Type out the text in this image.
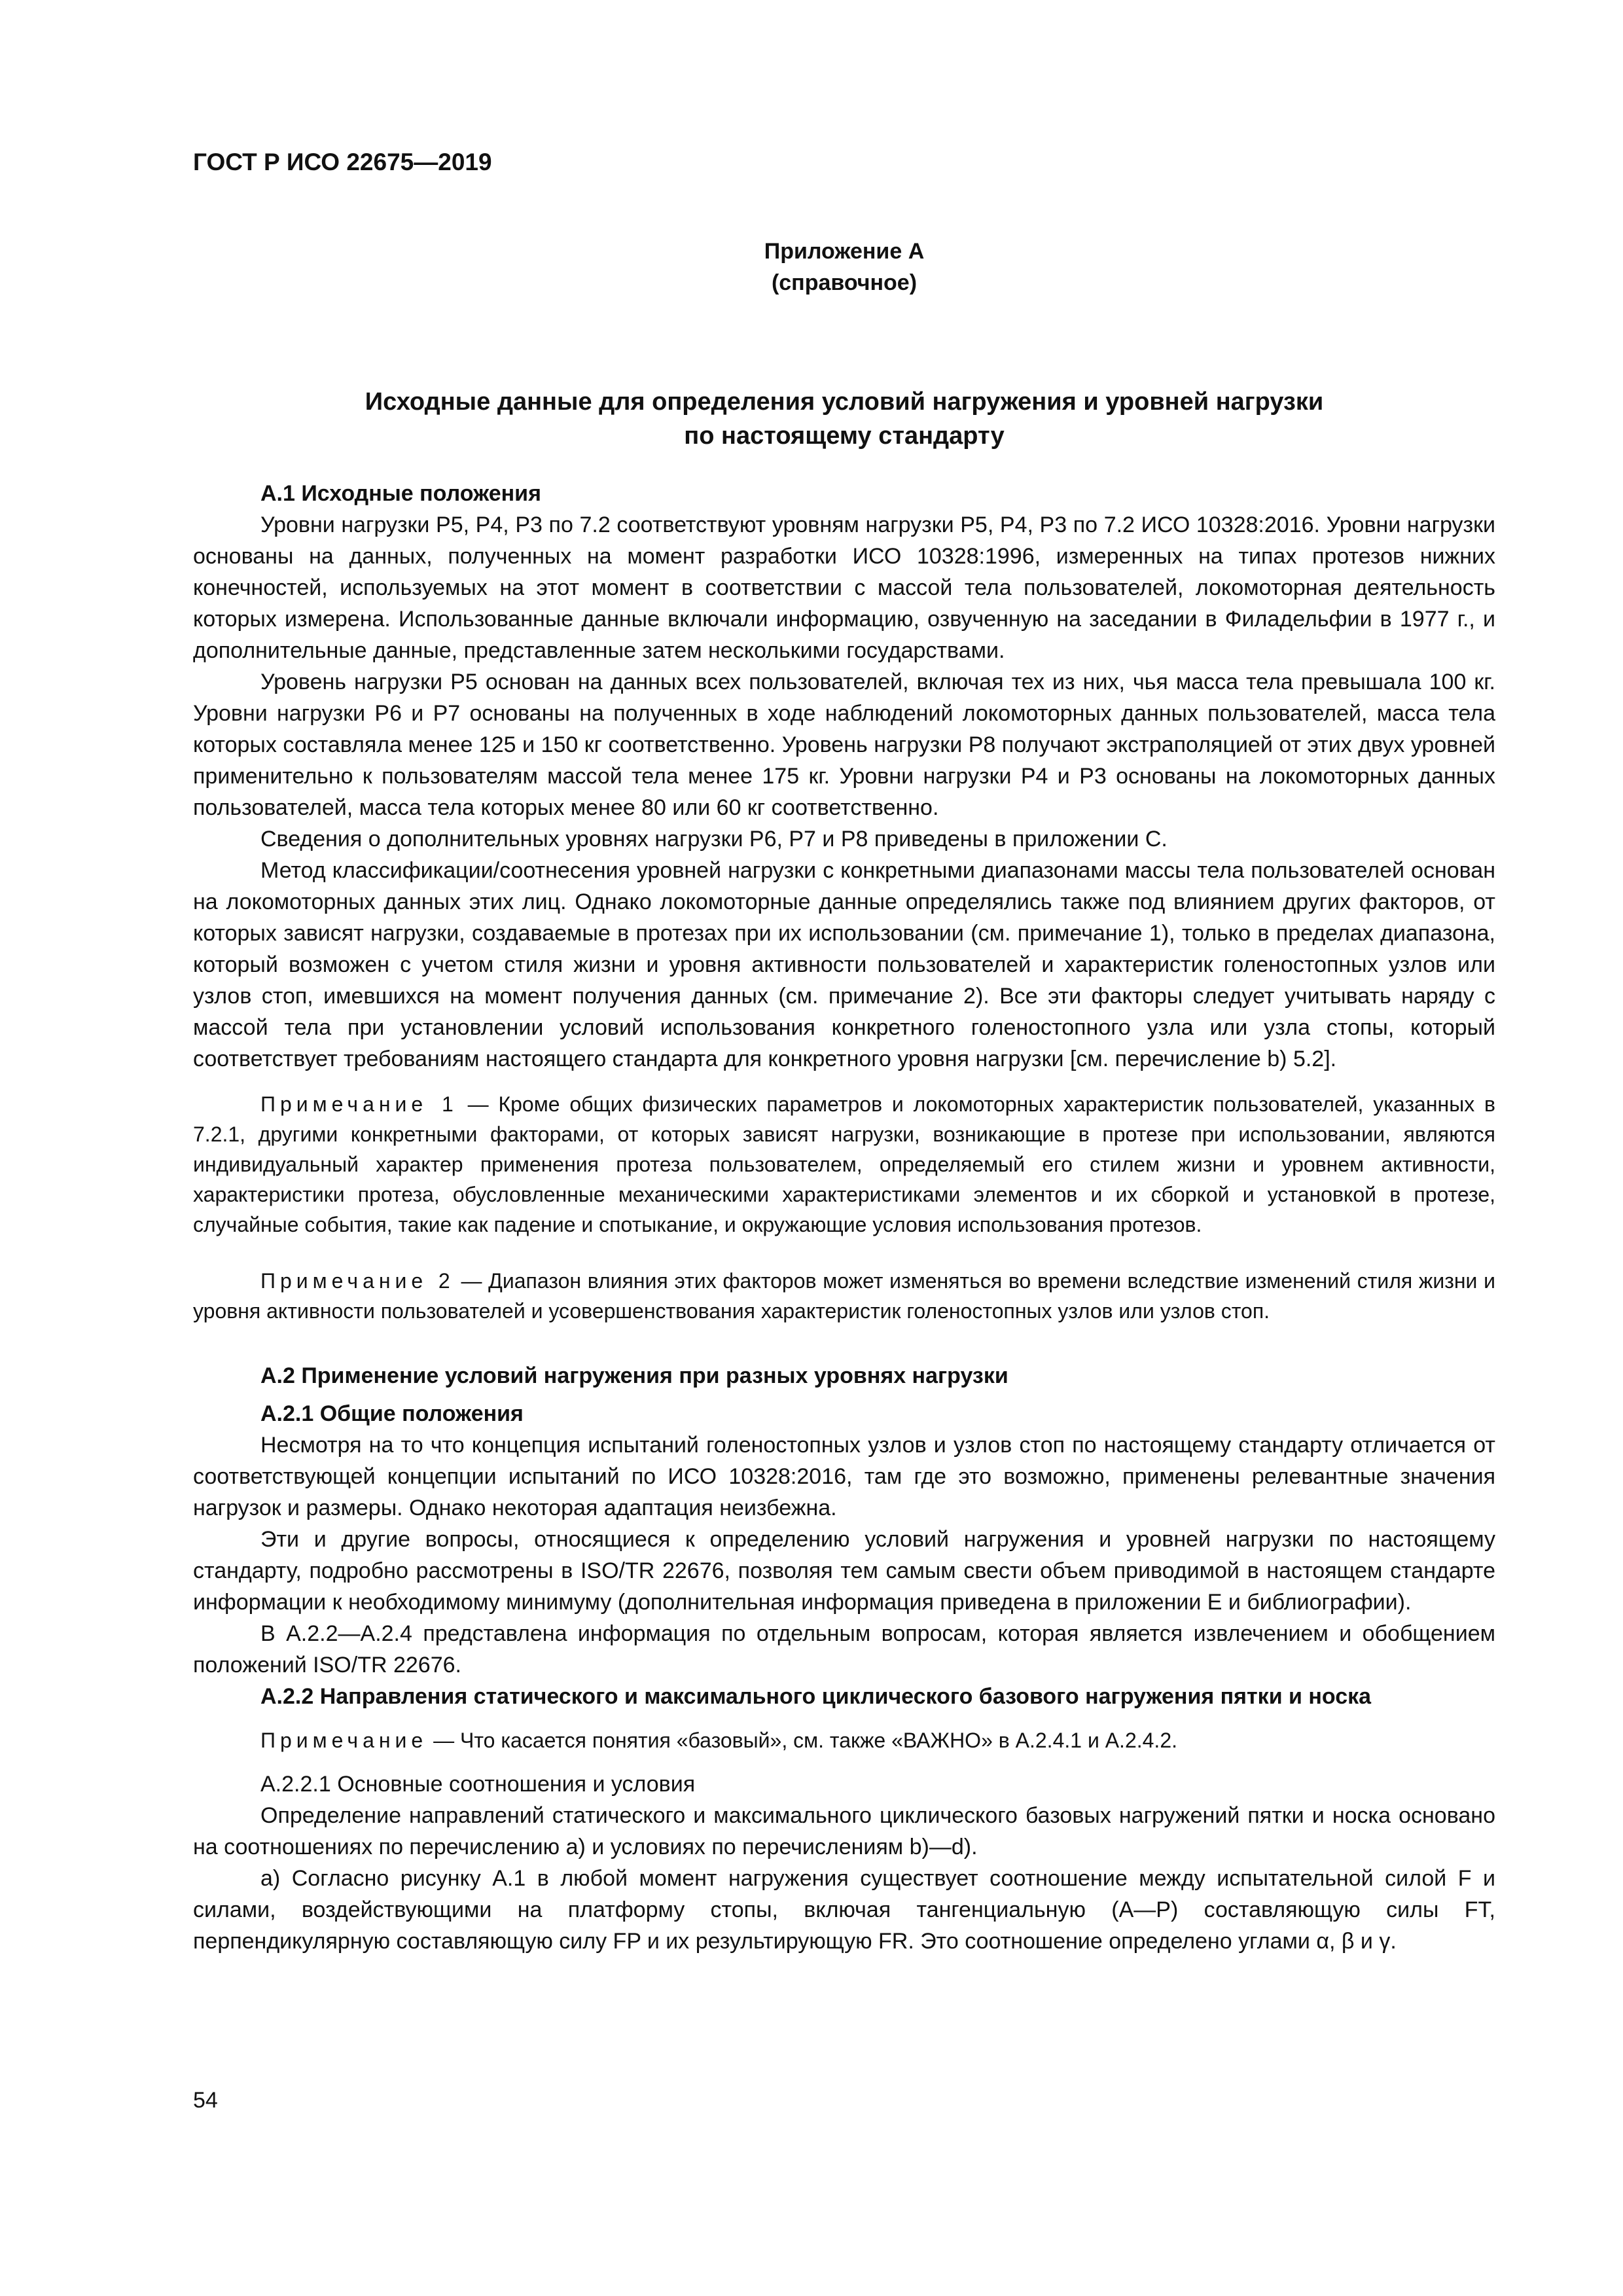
ГОСТ Р ИСО 22675—2019
Приложение А
(справочное)
Исходные данные для определения условий нагружения и уровней нагрузки
по настоящему стандарту
А.1 Исходные положения

Уровни нагрузки P5, P4, P3 по 7.2 соответствуют уровням нагрузки P5, P4, P3 по 7.2 ИСО 10328:2016. Уровни нагрузки основаны на данных, полученных на момент разработки ИСО 10328:1996, измеренных на типах протезов нижних конечностей, используемых на этот момент в соответствии с массой тела пользователей, локомоторная деятельность которых измерена. Использованные данные включали информацию, озвученную на заседании в Филадельфии в 1977 г., и дополнительные данные, представленные затем несколькими государствами.

Уровень нагрузки P5 основан на данных всех пользователей, включая тех из них, чья масса тела превышала 100 кг. Уровни нагрузки P6 и P7 основаны на полученных в ходе наблюдений локомоторных данных пользователей, масса тела которых составляла менее 125 и 150 кг соответственно. Уровень нагрузки P8 получают экстраполяцией от этих двух уровней применительно к пользователям массой тела менее 175 кг. Уровни нагрузки P4 и P3 основаны на локомоторных данных пользователей, масса тела которых менее 80 или 60 кг соответственно.

Сведения о дополнительных уровнях нагрузки P6, P7 и P8 приведены в приложении С.

Метод классификации/соотнесения уровней нагрузки с конкретными диапазонами массы тела пользователей основан на локомоторных данных этих лиц. Однако локомоторные данные определялись также под влиянием других факторов, от которых зависят нагрузки, создаваемые в протезах при их использовании (см. примечание 1), только в пределах диапазона, который возможен с учетом стиля жизни и уровня активности пользователей и характеристик голеностопных узлов или узлов стоп, имевшихся на момент получения данных (см. примечание 2). Все эти факторы следует учитывать наряду с массой тела при установлении условий использования конкретного голеностопного узла или узла стопы, который соответствует требованиям настоящего стандарта для конкретного уровня нагрузки [см. перечисление b) 5.2].

Примечание 1 — Кроме общих физических параметров и локомоторных характеристик пользователей, указанных в 7.2.1, другими конкретными факторами, от которых зависят нагрузки, возникающие в протезе при использовании, являются индивидуальный характер применения протеза пользователем, определяемый его стилем жизни и уровнем активности, характеристики протеза, обусловленные механическими характеристиками элементов и их сборкой и установкой в протезе, случайные события, такие как падение и спотыкание, и окружающие условия использования протезов.

Примечание 2 — Диапазон влияния этих факторов может изменяться во времени вследствие изменений стиля жизни и уровня активности пользователей и усовершенствования характеристик голеностопных узлов или узлов стоп.

А.2 Применение условий нагружения при разных уровнях нагрузки
А.2.1 Общие положения

Несмотря на то что концепция испытаний голеностопных узлов и узлов стоп по настоящему стандарту отличается от соответствующей концепции испытаний по ИСО 10328:2016, там где это возможно, применены релевантные значения нагрузок и размеры. Однако некоторая адаптация неизбежна.

Эти и другие вопросы, относящиеся к определению условий нагружения и уровней нагрузки по настоящему стандарту, подробно рассмотрены в ISO/TR 22676, позволяя тем самым свести объем приводимой в настоящем стандарте информации к необходимому минимуму (дополнительная информация приведена в приложении Е и библиографии).

В А.2.2—А.2.4 представлена информация по отдельным вопросам, которая является извлечением и обобщением положений ISO/TR 22676.

А.2.2 Направления статического и максимального циклического базового нагружения пятки и носка

Примечание — Что касается понятия «базовый», см. также «ВАЖНО» в А.2.4.1 и А.2.4.2.

А.2.2.1 Основные соотношения и условия

Определение направлений статического и максимального циклического базовых нагружений пятки и носка основано на соотношениях по перечислению а) и условиях по перечислениям b)—d).

а) Согласно рисунку А.1 в любой момент нагружения существует соотношение между испытательной силой F и силами, воздействующими на платформу стопы, включая тангенциальную (A—P) составляющую силы FT, перпендикулярную составляющую силу FP и их результирующую FR. Это соотношение определено углами α, β и γ.

54
